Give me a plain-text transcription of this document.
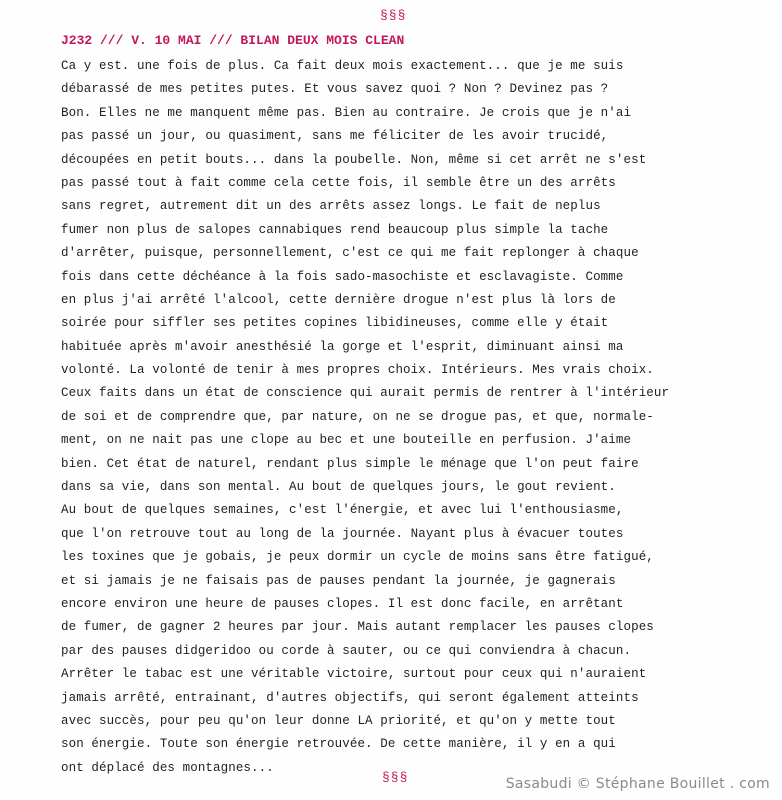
§§§
J232 /// V. 10 MAI /// BILAN DEUX MOIS CLEAN
Ca y est. une fois de plus. Ca fait deux mois exactement... que je me suis
débarassé de mes petites putes. Et vous savez quoi ? Non ? Devinez pas ?
Bon. Elles ne me manquent même pas. Bien au contraire. Je crois que je n'ai
pas passé un jour, ou quasiment, sans me féliciter de les avoir trucidé,
découpées en petit bouts... dans la poubelle. Non, même si cet arrêt ne s'est
pas passé tout à fait comme cela cette fois, il semble être un des arrêts
sans regret, autrement dit un des arrêts assez longs. Le fait de neplus
fumer non plus de salopes cannabiques rend beaucoup plus simple la tache
d'arrêter, puisque, personnellement, c'est ce qui me fait replonger à chaque
fois dans cette déchéance à la fois sado-masochiste et esclavagiste. Comme
en plus j'ai arrêté l'alcool, cette dernière drogue n'est plus là lors de
soirée pour siffler ses petites copines libidineuses, comme elle y était
habituée après m'avoir anesthésié la gorge et l'esprit, diminuant ainsi ma
volonté. La volonté de tenir à mes propres choix. Intérieurs. Mes vrais choix.
Ceux faits dans un état de conscience qui aurait permis de rentrer à l'intérieur
de soi et de comprendre que, par nature, on ne se drogue pas, et que, normale-
ment, on ne nait pas une clope au bec et une bouteille en perfusion. J'aime
bien. Cet état de naturel, rendant plus simple le ménage que l'on peut faire
dans sa vie, dans son mental. Au bout de quelques jours, le gout revient.
Au bout de quelques semaines, c'est l'énergie, et avec lui l'enthousiasme,
que l'on retrouve tout au long de la journée. Nayant plus à évacuer toutes
les toxines que je gobais, je peux dormir un cycle de moins sans être fatigué,
et si jamais je ne faisais pas de pauses pendant la journée, je gagnerais
encore environ une heure de pauses clopes. Il est donc facile, en arrêtant
de fumer, de gagner 2 heures par jour. Mais autant remplacer les pauses clopes
par des pauses didgeridoo ou corde à sauter, ou ce qui conviendra à chacun.
Arrêter le tabac est une véritable victoire, surtout pour ceux qui n'auraient
jamais arrêté, entrainant, d'autres objectifs, qui seront également atteints
avec succès, pour peu qu'on leur donne LA priorité, et qu'on y mette tout
son énergie. Toute son énergie retrouvée. De cette manière, il y en a qui
ont déplacé des montagnes...
§§§	Sasabudi © Stéphane Bouillet . com
